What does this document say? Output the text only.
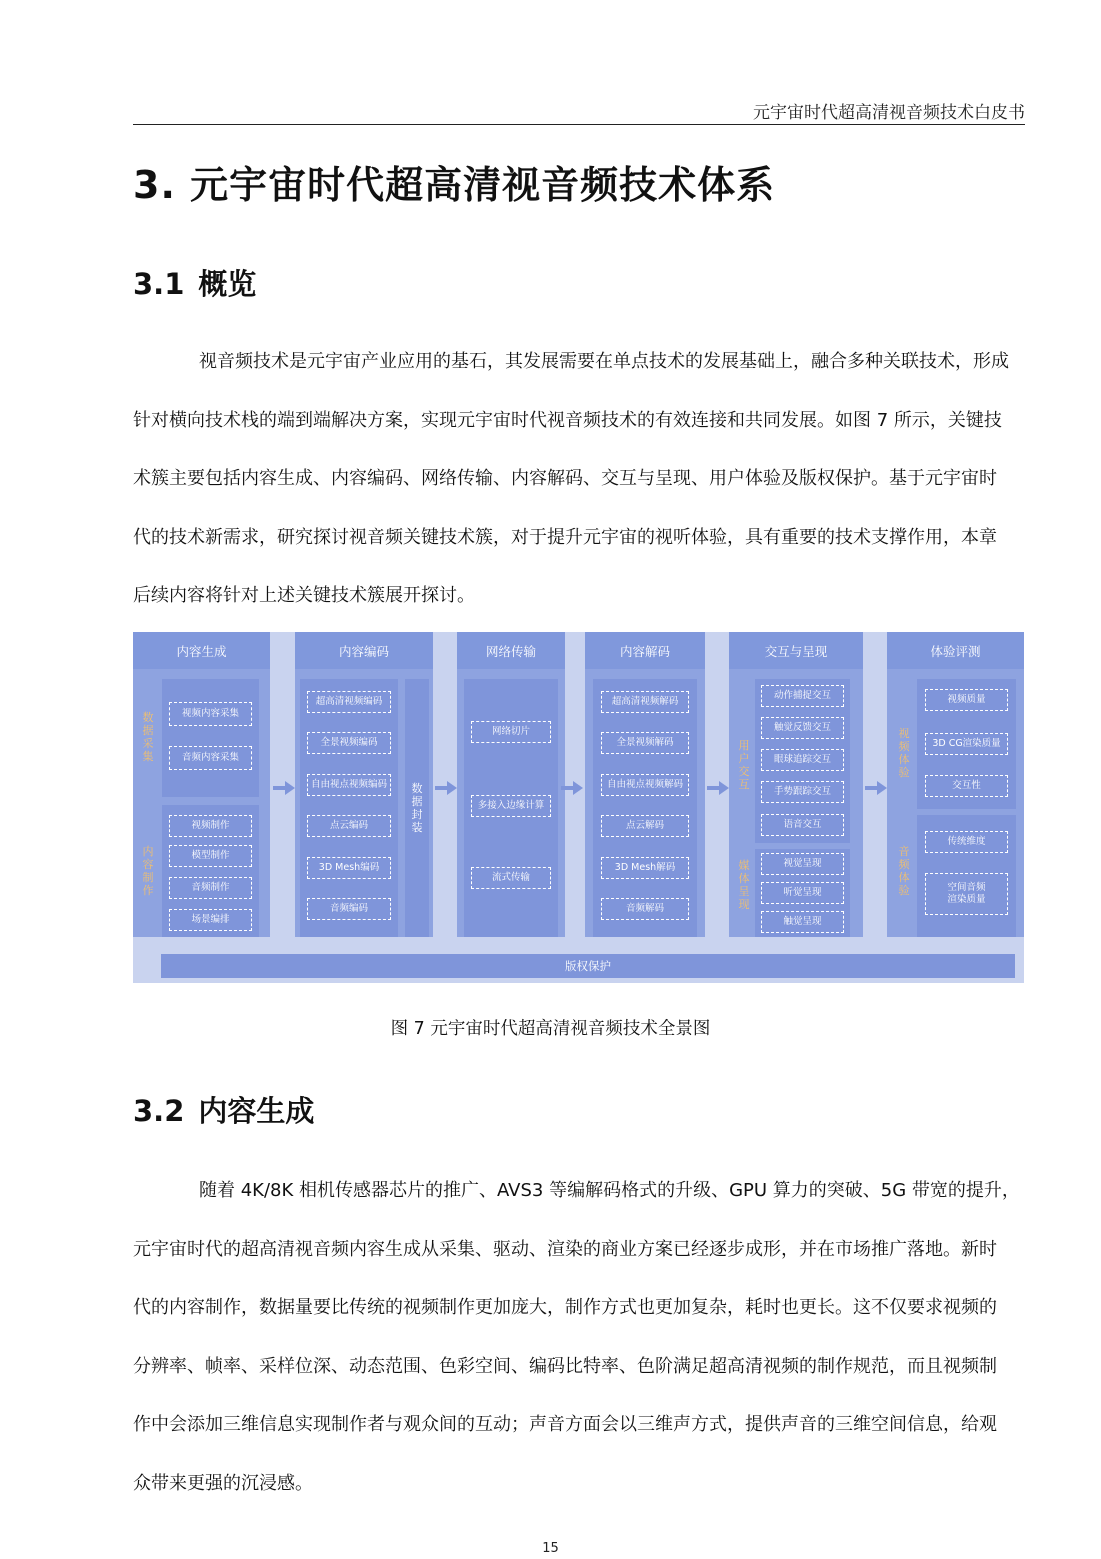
元宇宙时代超高清视音频技术白皮书
3. 元宇宙时代超高清视音频技术体系
3.1 概览
视音频技术是元宇宙产业应用的基石，其发展需要在单点技术的发展基础上，融合多种关联技术，形成
针对横向技术栈的端到端解决方案，实现元宇宙时代视音频技术的有效连接和共同发展。如图 7 所示，关键技
术簇主要包括内容生成、内容编码、网络传输、内容解码、交互与呈现、用户体验及版权保护。基于元宇宙时
代的技术新需求，研究探讨视音频关键技术簇，对于提升元宇宙的视听体验，具有重要的技术支撑作用，本章
后续内容将针对上述关键技术簇展开探讨。
内容生成
数
据
采
集
视频内容采集
音频内容采集
内
容
制
作
视频制作
模型制作
音频制作
场景编排
内容编码
超高清视频编码
全景视频编码
自由视点视频编码
点云编码
3D Mesh编码
音频编码
数
据
封
装
网络传输
网络切片
多接入边缘计算
流式传输
内容解码
超高清视频解码
全景视频解码
自由视点视频解码
点云解码
3D Mesh解码
音频解码
交互与呈现
用
户
交
互
动作捕捉交互
触觉反馈交互
眼球追踪交互
手势跟踪交互
语音交互
媒
体
呈
现
视觉呈现
听觉呈现
触觉呈现
体验评测
视
频
体
验
视频质量
3D CG渲染质量
交互性
音
频
体
验
传统维度
空间音频
渲染质量
版权保护
图 7 元宇宙时代超高清视音频技术全景图
3.2 内容生成
随着 4K/8K 相机传感器芯片的推广、AVS3 等编解码格式的升级、GPU 算力的突破、5G 带宽的提升，
元宇宙时代的超高清视音频内容生成从采集、驱动、渲染的商业方案已经逐步成形，并在市场推广落地。新时
代的内容制作，数据量要比传统的视频制作更加庞大，制作方式也更加复杂，耗时也更长。这不仅要求视频的
分辨率、帧率、采样位深、动态范围、色彩空间、编码比特率、色阶满足超高清视频的制作规范，而且视频制
作中会添加三维信息实现制作者与观众间的互动；声音方面会以三维声方式，提供声音的三维空间信息，给观
众带来更强的沉浸感。
15
